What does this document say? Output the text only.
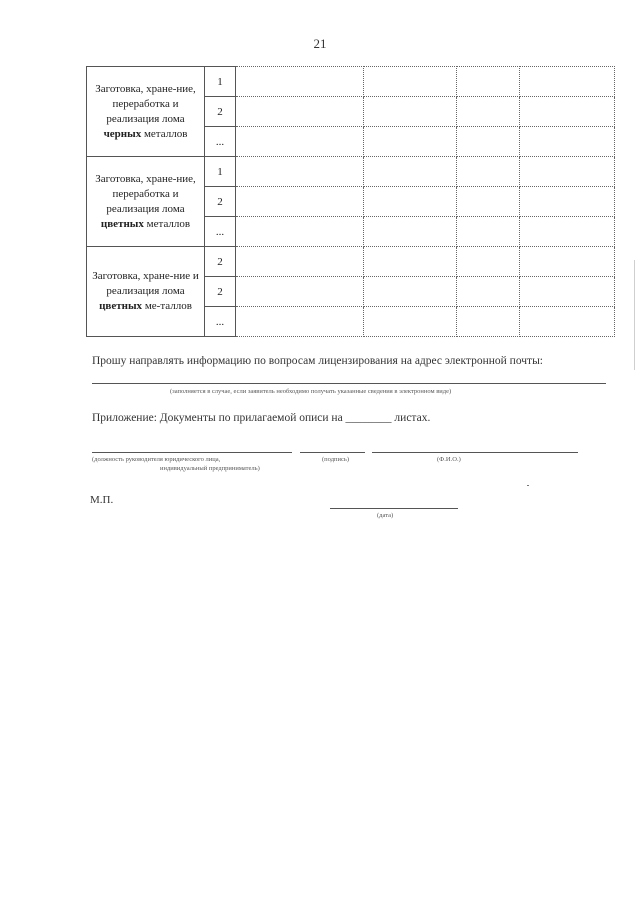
21
Заготовка, хране-ние, переработка и реализация лома черных металлов	1				
	2				
	...				
Заготовка, хране-ние, переработка и реализация лома цветных металлов	1				
	2				
	...				
Заготовка, хране-ние и реализация лома цветных ме-таллов	2				
	2				
	...				
Прошу направлять информацию по вопросам лицензирования на адрес электронной почты:
(заполняется в случае, если заявитель необходимо получать указанные сведения в электронном виде)
Приложение: Документы по прилагаемой описи на ________ листах.
(должность руководителя юридического лица,
индивидуальный предприниматель)
(подпись)	(Ф.И.О.)
М.П.
(дата)
